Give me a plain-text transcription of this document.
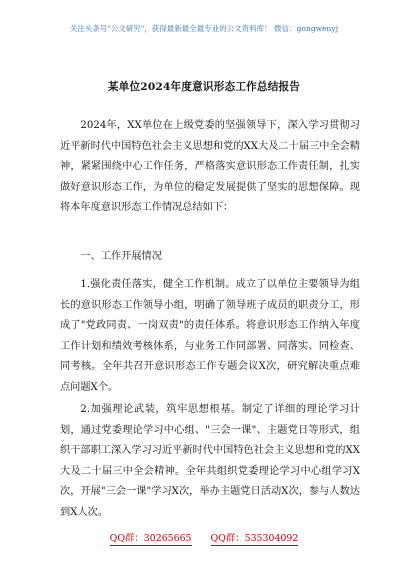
关注头条号"公文研究"，获得最新最全最专业的公文资料库！ 微信：gongwenyj
某单位2024年度意识形态工作总结报告

2024年，XX单位在上级党委的坚强领导下，深入学习贯彻习近平新时代中国特色社会主义思想和党的XX大及二十届三中全会精神，紧紧围绕中心工作任务，严格落实意识形态工作责任制，扎实做好意识形态工作，为单位的稳定发展提供了坚实的思想保障。现将本年度意识形态工作情况总结如下：

一、工作开展情况

1.强化责任落实，健全工作机制。成立了以单位主要领导为组长的意识形态工作领导小组，明确了领导班子成员的职责分工，形成了"党政同责、一岗双责"的责任体系。将意识形态工作纳入年度工作计划和绩效考核体系，与业务工作同部署、同落实、同检查、同考核。全年共召开意识形态工作专题会议X次，研究解决重点难点问题X个。

2.加强理论武装，筑牢思想根基。制定了详细的理论学习计划，通过党委理论学习中心组、"三会一课"、主题党日等形式，组织干部职工深入学习习近平新时代中国特色社会主义思想和党的XX大及二十届三中全会精神。全年共组织党委理论学习中心组学习X次，开展"三会一课"学习X次，举办主题党日活动X次，参与人数达到X人次。

QQ群：30265665 QQ群：535304092
